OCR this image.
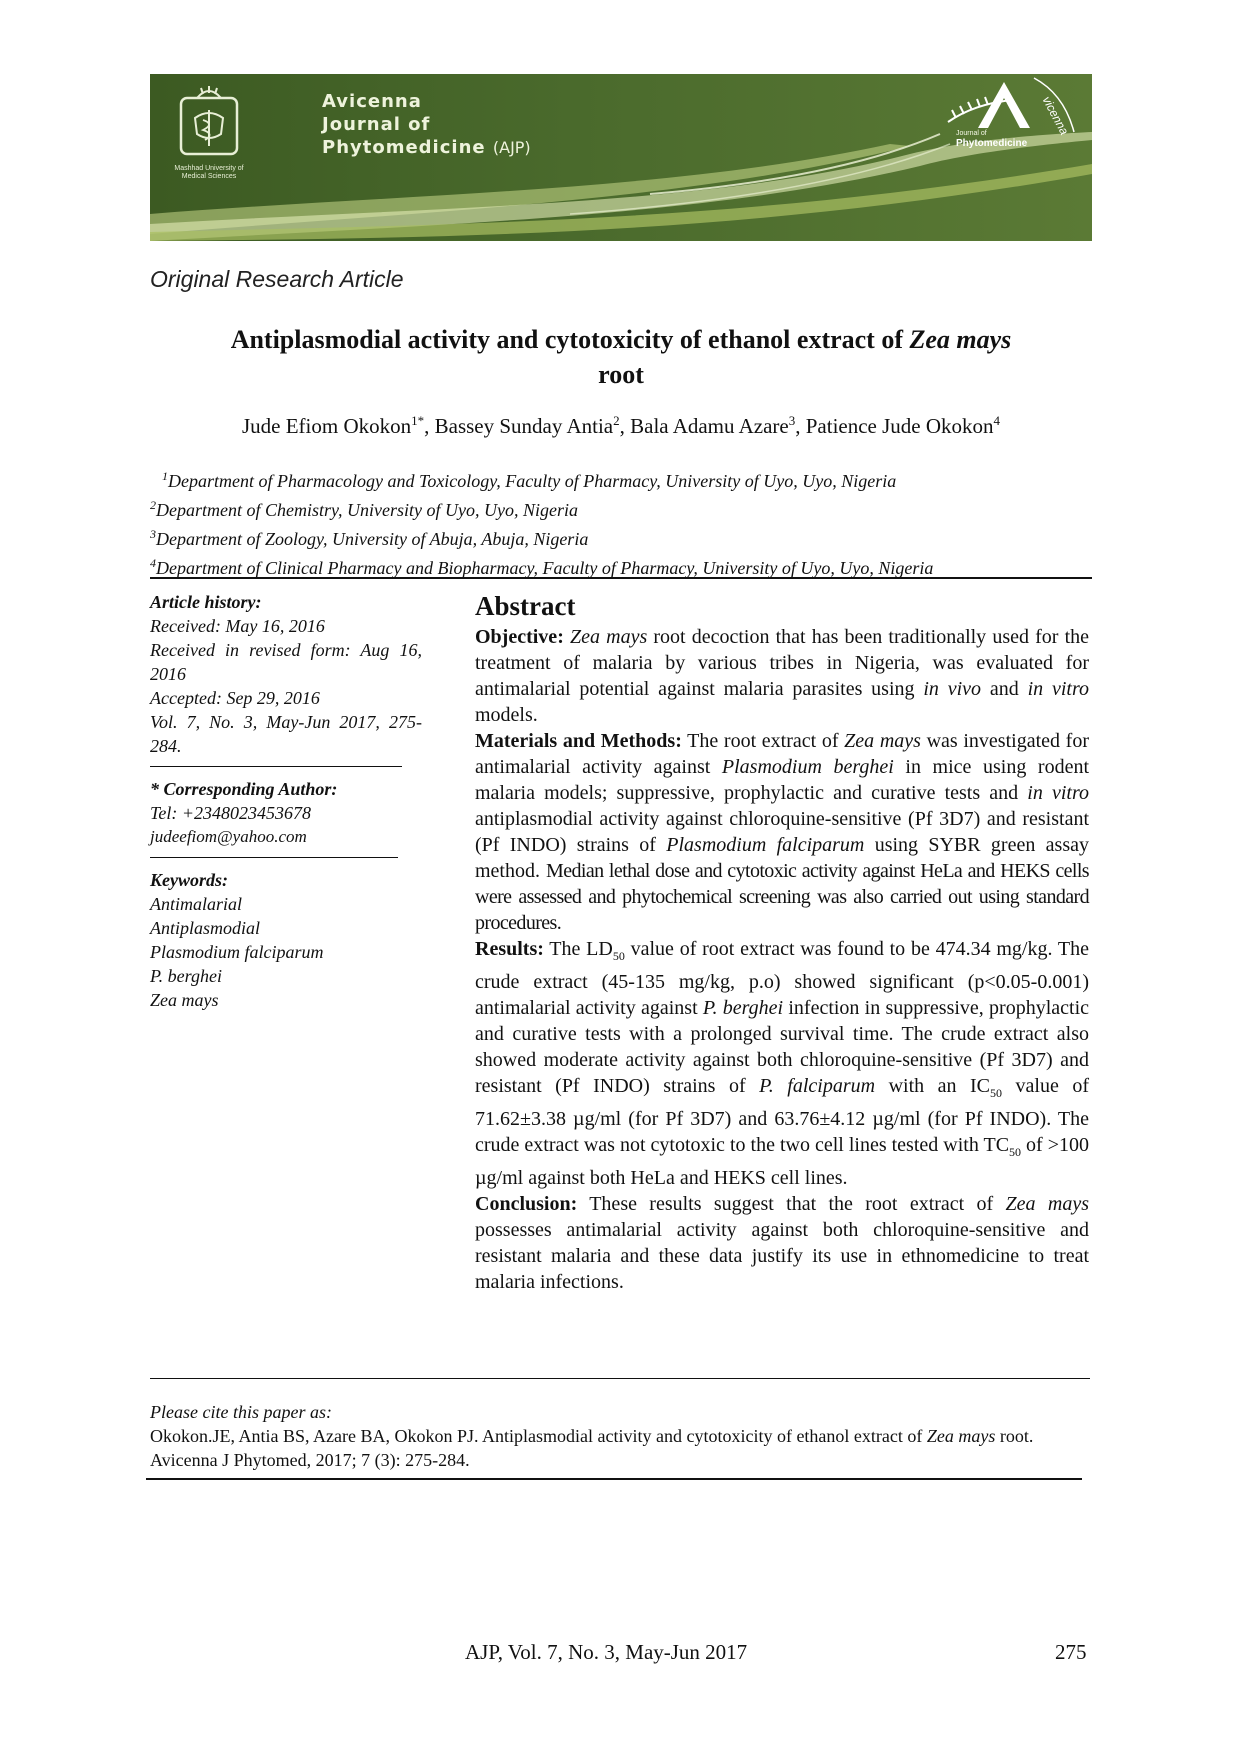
Mashhad University of Medical Sciences
Avicenna
Journal of
Phytomedicine (AJP)
Journal of
Phytomedicine
vicenna
Original Research Article
Antiplasmodial activity and cytotoxicity of ethanol extract of Zea mays
root
Jude Efiom Okokon$^{1*}$, Bassey Sunday Antia$^2$, Bala Adamu Azare$^3$, Patience Jude Okokon$^4$
$^1$Department of Pharmacology and Toxicology, Faculty of Pharmacy, University of Uyo, Uyo, Nigeria
$^2$Department of Chemistry, University of Uyo, Uyo, Nigeria
$^3$Department of Zoology, University of Abuja, Abuja, Nigeria
$^4$Department of Clinical Pharmacy and Biopharmacy, Faculty of Pharmacy, University of Uyo, Uyo, Nigeria
Article history:
Received: May 16, 2016
Received in revised form: Aug 16, 2016
Accepted: Sep 29, 2016
Vol. 7, No. 3, May-Jun 2017, 275-284.
* Corresponding Author:
Tel: +2348023453678
judeefiom@yahoo.com
Keywords:
Antimalarial
Antiplasmodial
Plasmodium falciparum
P. berghei
Zea mays
Abstract

Objective: Zea mays root decoction that has been traditionally used for the treatment of malaria by various tribes in Nigeria, was evaluated for antimalarial potential against malaria parasites using in vivo and in vitro models.

Materials and Methods: The root extract of Zea mays was investigated for antimalarial activity against Plasmodium berghei in mice using rodent malaria models; suppressive, prophylactic and curative tests and in vitro antiplasmodial activity against chloroquine-sensitive (Pf 3D7) and resistant (Pf INDO) strains of Plasmodium falciparum using SYBR green assay method. Median lethal dose and cytotoxic activity against HeLa and HEKS cells were assessed and phytochemical screening was also carried out using standard procedures.

Results: The $LD_{50}$ value of root extract was found to be 474.34 mg/kg. The crude extract (45-135 mg/kg, p.o) showed significant (p<0.05-0.001) antimalarial activity against P. berghei infection in suppressive, prophylactic and curative tests with a prolonged survival time. The crude extract also showed moderate activity against both chloroquine-sensitive (Pf 3D7) and resistant (Pf INDO) strains of P. falciparum with an $IC_{50}$ value of 71.62±3.38 µg/ml (for Pf 3D7) and 63.76±4.12 µg/ml (for Pf INDO). The crude extract was not cytotoxic to the two cell lines tested with $TC_{50}$ of >100 µg/ml against both HeLa and HEKS cell lines.

Conclusion: These results suggest that the root extract of Zea mays possesses antimalarial activity against both chloroquine-sensitive and resistant malaria and these data justify its use in ethnomedicine to treat malaria infections.

Please cite this paper as:
Okokon.JE, Antia BS, Azare BA, Okokon PJ. Antiplasmodial activity and cytotoxicity of ethanol extract of Zea mays root. Avicenna J Phytomed, 2017; 7 (3): 275-284.
AJP, Vol. 7, No. 3, May-Jun 2017	275
